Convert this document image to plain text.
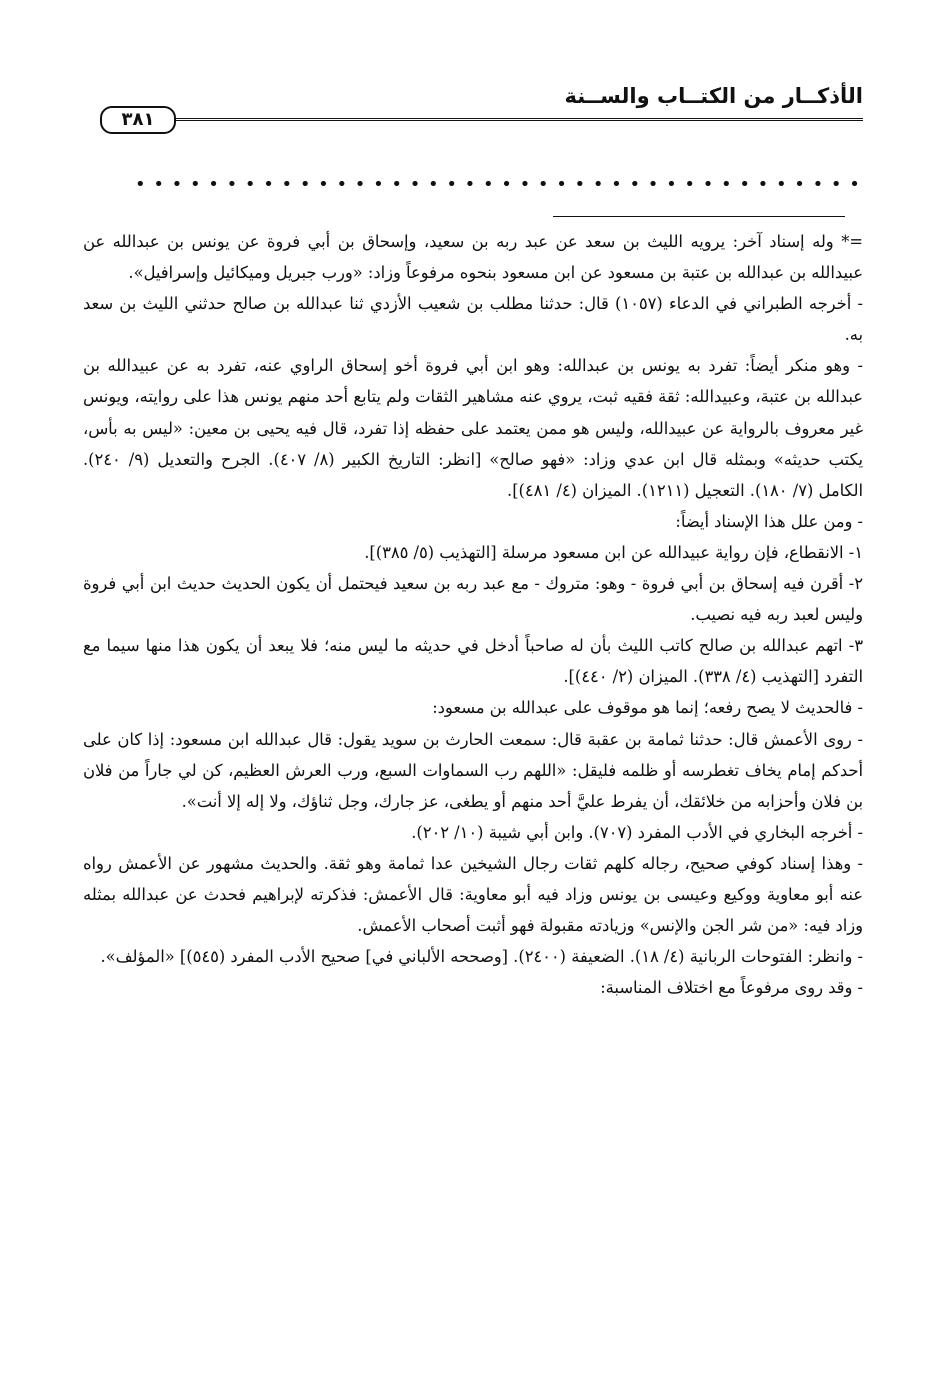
الأذكــار من الكتــاب والســنة
٣٨١
• • • • • • • • • • • • • • • • • • • • • • • • • • • • • • • • • • • • • • • •

=* وله إسناد آخر: يرويه الليث بن سعد عن عبد ربه بن سعيد، وإسحاق بن أبي فروة عن يونس بن عبدالله عن عبيدالله بن عبدالله بن عتبة بن مسعود عن ابن مسعود بنحوه مرفوعاً وزاد: «ورب جبريل وميكائيل وإسرافيل».

- أخرجه الطبراني في الدعاء (١٠٥٧) قال: حدثنا مطلب بن شعيب الأزدي ثنا عبدالله بن صالح حدثني الليث بن سعد به.

- وهو منكر أيضاً: تفرد به يونس بن عبدالله: وهو ابن أبي فروة أخو إسحاق الراوي عنه، تفرد به عن عبيدالله بن عبدالله بن عتبة، وعبيدالله: ثقة فقيه ثبت، يروي عنه مشاهير الثقات ولم يتابع أحد منهم يونس هذا على روايته، ويونس غير معروف بالرواية عن عبيدالله، وليس هو ممن يعتمد على حفظه إذا تفرد، قال فيه يحيى بن معين: «ليس به بأس، يكتب حديثه» وبمثله قال ابن عدي وزاد: «فهو صالح» [انظر: التاريخ الكبير (٨/ ٤٠٧). الجرح والتعديل (٩/ ٢٤٠). الكامل (٧/ ١٨٠). التعجيل (١٢١١). الميزان (٤/ ٤٨١)].

- ومن علل هذا الإسناد أيضاً:

١- الانقطاع، فإن رواية عبيدالله عن ابن مسعود مرسلة [التهذيب (٥/ ٣٨٥)].

٢- أقرن فيه إسحاق بن أبي فروة - وهو: متروك - مع عبد ربه بن سعيد فيحتمل أن يكون الحديث حديث ابن أبي فروة وليس لعبد ربه فيه نصيب.

٣- اتهم عبدالله بن صالح كاتب الليث بأن له صاحباً أدخل في حديثه ما ليس منه؛ فلا يبعد أن يكون هذا منها سيما مع التفرد [التهذيب (٤/ ٣٣٨). الميزان (٢/ ٤٤٠)].

- فالحديث لا يصح رفعه؛ إنما هو موقوف على عبدالله بن مسعود:

- روى الأعمش قال: حدثنا ثمامة بن عقبة قال: سمعت الحارث بن سويد يقول: قال عبدالله ابن مسعود: إذا كان على أحدكم إمام يخاف تغطرسه أو ظلمه فليقل: «اللهم رب السماوات السبع، ورب العرش العظيم، كن لي جاراً من فلان بن فلان وأحزابه من خلائقك، أن يفرط عليَّ أحد منهم أو يطغى، عز جارك، وجل ثناؤك، ولا إله إلا أنت».

- أخرجه البخاري في الأدب المفرد (٧٠٧). وابن أبي شيبة (١٠/ ٢٠٢).

- وهذا إسناد كوفي صحيح، رجاله كلهم ثقات رجال الشيخين عدا ثمامة وهو ثقة. والحديث مشهور عن الأعمش رواه عنه أبو معاوية ووكيع وعيسى بن يونس وزاد فيه أبو معاوية: قال الأعمش: فذكرته لإبراهيم فحدث عن عبدالله بمثله وزاد فيه: «من شر الجن والإنس» وزيادته مقبولة فهو أثبت أصحاب الأعمش.

- وانظر: الفتوحات الربانية (٤/ ١٨). الضعيفة (٢٤٠٠). [وصححه الألباني في] صحيح الأدب المفرد (٥٤٥)] «المؤلف».

- وقد روى مرفوعاً مع اختلاف المناسبة:
